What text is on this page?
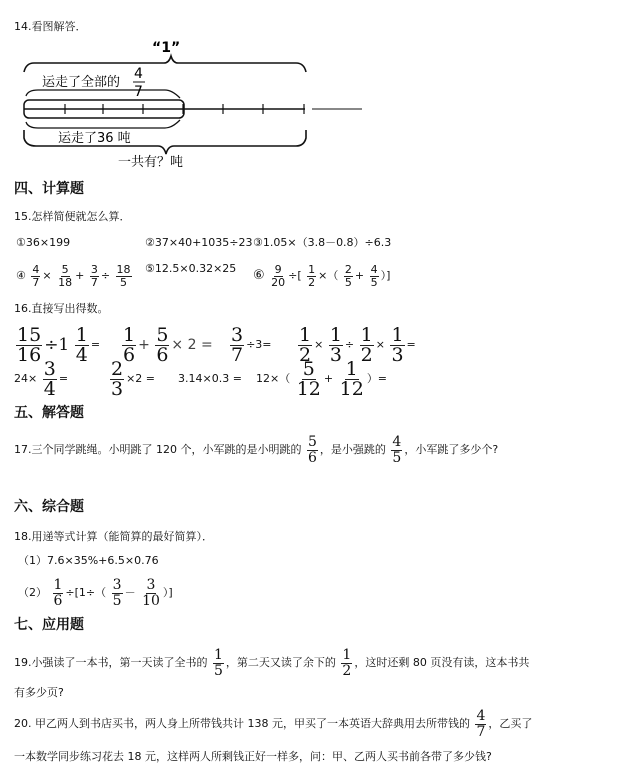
14.看图解答．
“1”
运走了全部的
4
7
运走了36 吨
一共有？吨
四、计算题
15.怎样简便就怎么算．
①36×199	②37×40+1035÷23 ③1.05×（3.8－0.8）÷6.3
④ $\frac{4}{7} \times \frac{5}{18} + \frac{3}{7} \div \frac{18}{5}$ ⑤12.5×0.32×25 ⑥ $\frac{9}{20}$ ÷[ $\frac{1}{2}$ ×（ $\frac{2}{5} + \frac{4}{5}$ ）]
16.直接写出得数。
$\frac{15}{16} \div 1 \frac{1}{4} = \frac{1}{6} + \frac{5}{6} \times 2 = \frac{3}{7} \div 3= \frac{1}{2} \times \frac{1}{3} \div \frac{1}{2} \times \frac{1}{3}$ =
$24\times \frac{3}{4} = \frac{2}{3} \times 2 = 3.14\times 0.3 = 12\times( \frac{5}{12} + \frac{1}{12}$ ）=
五、解答题
17.三个同学跳绳。小明跳了 120 个，小军跳的是小明跳的 $\frac{5}{6}$ ，是小强跳的 $\frac{4}{5}$ ，小军跳了多少个?
六、综合题
18.用递等式计算（能简算的最好简算）．
（1）7.6×35%+6.5×0.76
$(2) \frac{1}{6} \div[1\div( \frac{3}{5} - \frac{3}{10}$ ）]
七、应用题
19.小强读了一本书，第一天读了全书的 $\frac{1}{5}$ ，第二天又读了余下的 $\frac{1}{2}$ ，这时还剩 80 页没有读，这本书共
有多少页?
20. 甲乙两人到书店买书，两人身上所带钱共计 138 元，甲买了一本英语大辞典用去所带钱的 $\frac{4}{7}$ ，乙买了
一本数学同步练习花去 18 元，这样两人所剩钱正好一样多，问：甲、乙两人买书前各带了多少钱?
